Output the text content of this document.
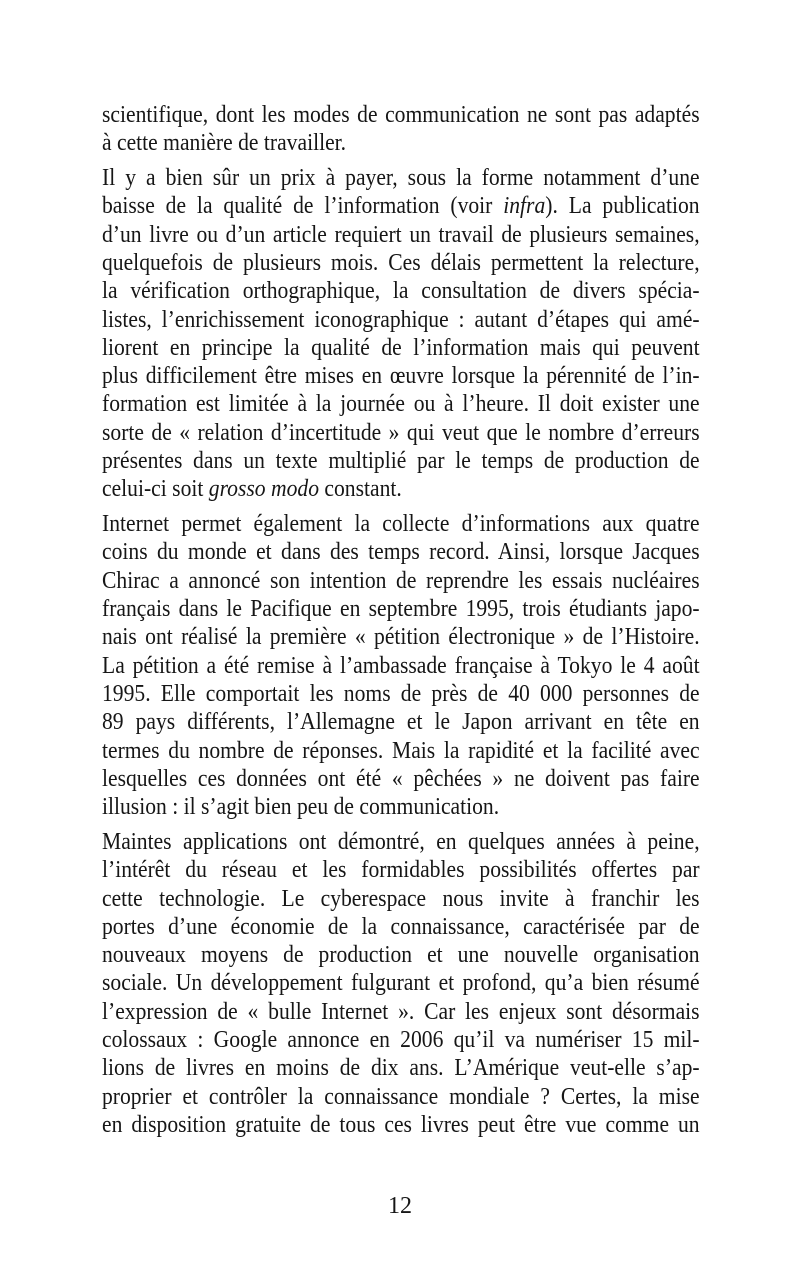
scientifique, dont les modes de communication ne sont pas adaptés
à cette manière de travailler.
Il y a bien sûr un prix à payer, sous la forme notamment d’une
baisse de la qualité de l’information (voir infra). La publication
d’un livre ou d’un article requiert un travail de plusieurs semaines,
quelquefois de plusieurs mois. Ces délais permettent la relecture,
la vérification orthographique, la consultation de divers spécia-
listes, l’enrichissement iconographique : autant d’étapes qui amé-
liorent en principe la qualité de l’information mais qui peuvent
plus difficilement être mises en œuvre lorsque la pérennité de l’in-
formation est limitée à la journée ou à l’heure. Il doit exister une
sorte de « relation d’incertitude » qui veut que le nombre d’erreurs
présentes dans un texte multiplié par le temps de production de
celui-ci soit grosso modo constant.
Internet permet également la collecte d’informations aux quatre
coins du monde et dans des temps record. Ainsi, lorsque Jacques
Chirac a annoncé son intention de reprendre les essais nucléaires
français dans le Pacifique en septembre 1995, trois étudiants japo-
nais ont réalisé la première « pétition électronique » de l’Histoire.
La pétition a été remise à l’ambassade française à Tokyo le 4 août
1995. Elle comportait les noms de près de 40 000 personnes de
89 pays différents, l’Allemagne et le Japon arrivant en tête en
termes du nombre de réponses. Mais la rapidité et la facilité avec
lesquelles ces données ont été « pêchées » ne doivent pas faire
illusion : il s’agit bien peu de communication.
Maintes applications ont démontré, en quelques années à peine,
l’intérêt du réseau et les formidables possibilités offertes par
cette technologie. Le cyberespace nous invite à franchir les
portes d’une économie de la connaissance, caractérisée par de
nouveaux moyens de production et une nouvelle organisation
sociale. Un développement fulgurant et profond, qu’a bien résumé
l’expression de « bulle Internet ». Car les enjeux sont désormais
colossaux : Google annonce en 2006 qu’il va numériser 15 mil-
lions de livres en moins de dix ans. L’Amérique veut-elle s’ap-
proprier et contrôler la connaissance mondiale ? Certes, la mise
en disposition gratuite de tous ces livres peut être vue comme un
12
